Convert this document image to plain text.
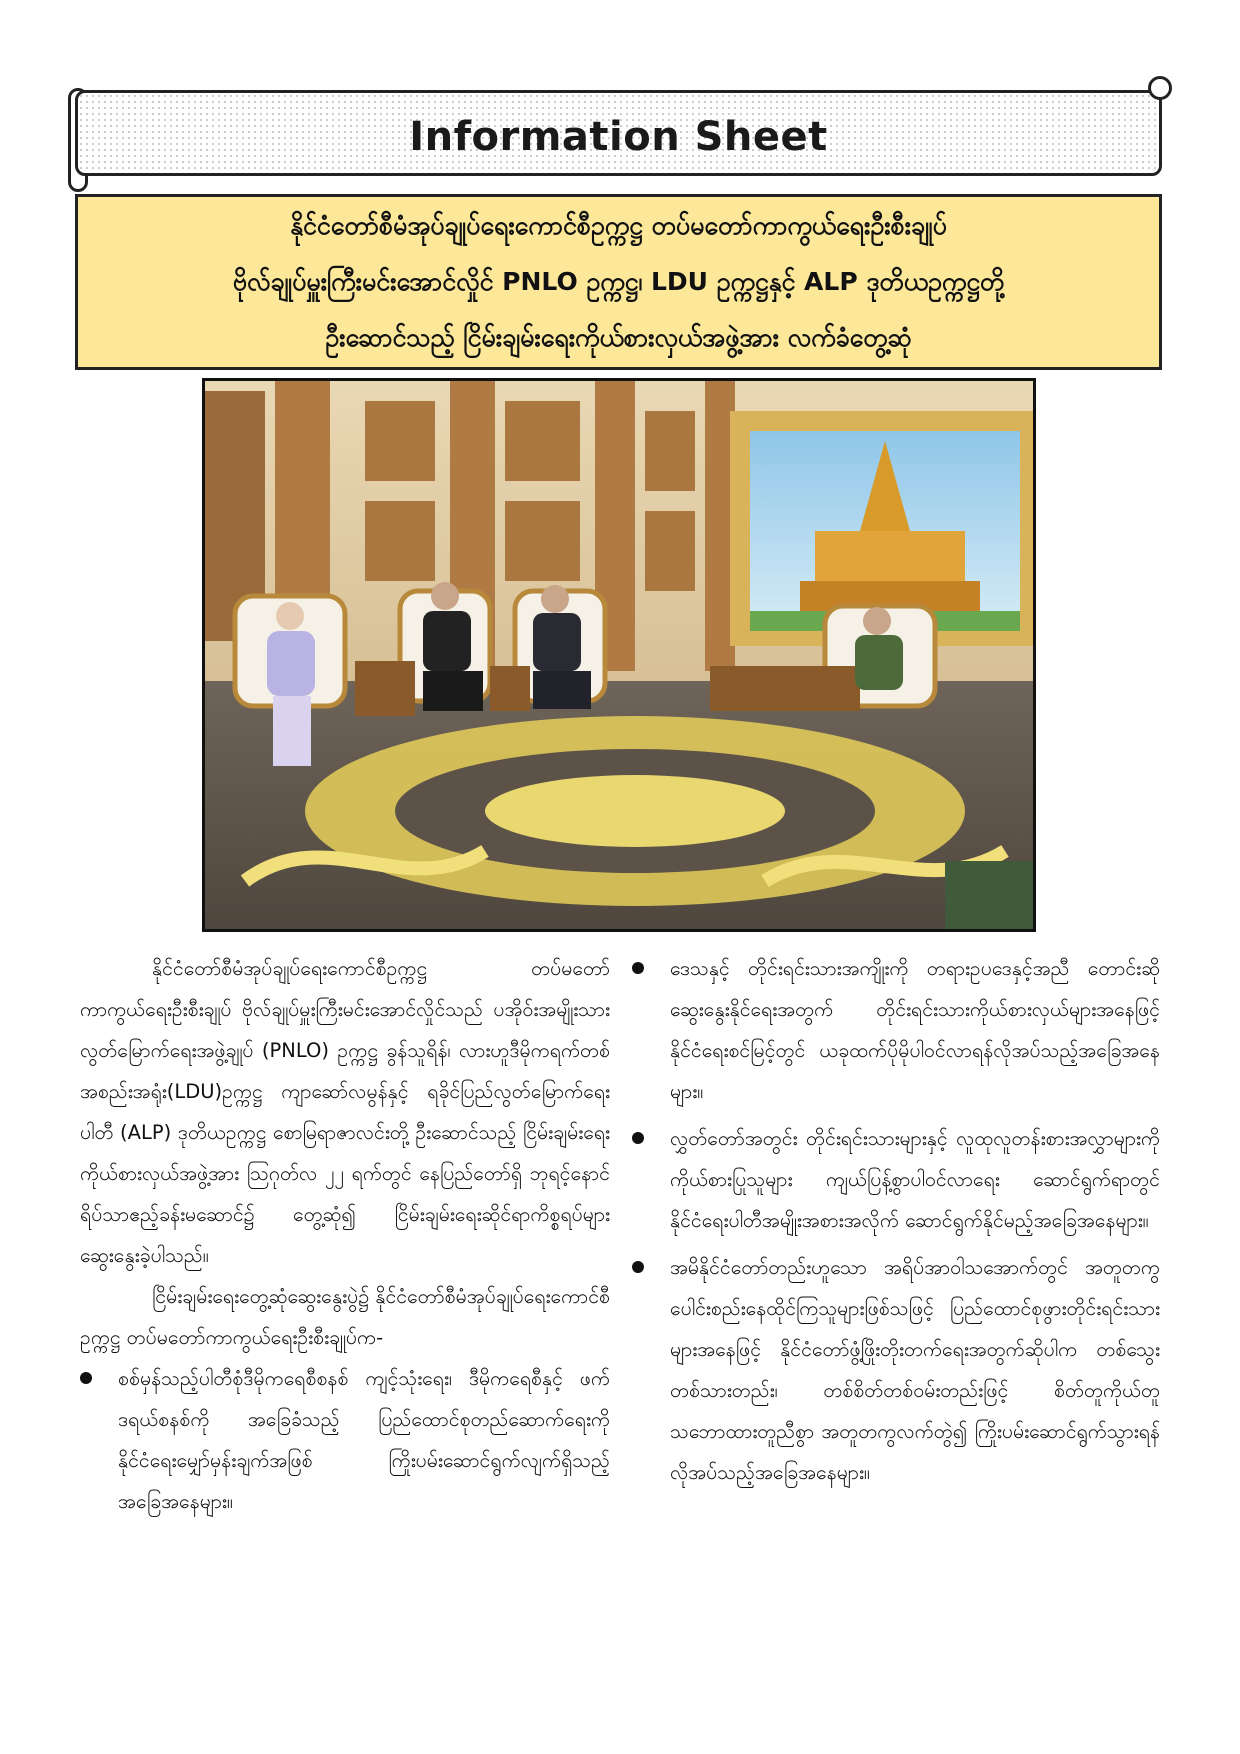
Information Sheet
နိုင်ငံတော်စီမံအုပ်ချုပ်ရေးကောင်စီဥက္ကဋ္ဌ တပ်မတော်ကာကွယ်ရေးဦးစီးချုပ်
ဗိုလ်ချုပ်မှူးကြီးမင်းအောင်လှိုင် PNLO ဥက္ကဋ္ဌ၊ LDU ဥက္ကဋ္ဌနှင့် ALP ဒုတိယဥက္ကဋ္ဌတို့
ဦးဆောင်သည့် ငြိမ်းချမ်းရေးကိုယ်စားလှယ်အဖွဲ့အား လက်ခံတွေ့ဆုံ

နိုင်ငံတော်စီမံအုပ်ချုပ်ရေးကောင်စီဥက္ကဋ္ဌ တပ်မတော်ကာကွယ်ရေးဦးစီးချုပ် ဗိုလ်ချုပ်မှူးကြီးမင်းအောင်လှိုင်သည် ပအိုဝ်းအမျိုးသားလွတ်မြောက်ရေးအဖွဲ့ချုပ် (PNLO) ဥက္ကဋ္ဌ ခွန်သူရိန်၊ လားဟူဒီမိုကရက်တစ်အစည်းအရုံး(LDU)ဥက္ကဋ္ဌ ကျာဆော်လမွန်နှင့် ရခိုင်ပြည်လွတ်မြောက်ရေးပါတီ (ALP) ဒုတိယဥက္ကဋ္ဌ စောမြရာဇာလင်းတို့ ဦးဆောင်သည့် ငြိမ်းချမ်းရေးကိုယ်စားလှယ်အဖွဲ့အား ဩဂုတ်လ ၂၂ ရက်တွင် နေပြည်တော်ရှိ ဘုရင့်နောင်ရိပ်သာဧည့်ခန်းမဆောင်၌ တွေ့ဆုံ၍ ငြိမ်းချမ်းရေးဆိုင်ရာကိစ္စရပ်များ ဆွေးနွေးခဲ့ပါသည်။

ငြိမ်းချမ်းရေးတွေ့ဆုံဆွေးနွေးပွဲ၌ နိုင်ငံတော်စီမံအုပ်ချုပ်ရေးကောင်စီဥက္ကဋ္ဌ တပ်မတော်ကာကွယ်ရေးဦးစီးချုပ်က-

စစ်မှန်သည့်ပါတီစုံဒီမိုကရေစီစနစ် ကျင့်သုံးရေး၊ ဒီမိုကရေစီနှင့် ဖက်ဒရယ်စနစ်ကို အခြေခံသည့် ပြည်ထောင်စုတည်ဆောက်ရေးကို နိုင်ငံရေးမျှော်မှန်းချက်အဖြစ် ကြိုးပမ်းဆောင်ရွက်လျက်ရှိသည့်အခြေအနေများ။
ဒေသနှင့် တိုင်းရင်းသားအကျိုးကို တရားဥပဒေနှင့်အညီ တောင်းဆိုဆွေးနွေးနိုင်ရေးအတွက် တိုင်းရင်းသားကိုယ်စားလှယ်များအနေဖြင့် နိုင်ငံရေးစင်မြင့်တွင် ယခုထက်ပိုမိုပါဝင်လာရန်လိုအပ်သည့်အခြေအနေများ။
လွှတ်တော်အတွင်း တိုင်းရင်းသားများနှင့် လူထုလူတန်းစားအလွှာများကို ကိုယ်စားပြုသူများ ကျယ်ပြန့်စွာပါဝင်လာရေး ဆောင်ရွက်ရာတွင် နိုင်ငံရေးပါတီအမျိုးအစားအလိုက် ဆောင်ရွက်နိုင်မည့်အခြေအနေများ။
အမိနိုင်ငံတော်တည်းဟူသော အရိပ်အာဝါသအောက်တွင် အတူတကွပေါင်းစည်းနေထိုင်ကြသူများဖြစ်သဖြင့် ပြည်ထောင်စုဖွားတိုင်းရင်းသားများအနေဖြင့် နိုင်ငံတော်ဖွံ့ဖြိုးတိုးတက်ရေးအတွက်ဆိုပါက တစ်သွေးတစ်သားတည်း၊ တစ်စိတ်တစ်ဝမ်းတည်းဖြင့် စိတ်တူကိုယ်တူ သဘောထားတူညီစွာ အတူတကွလက်တွဲ၍ ကြိုးပမ်းဆောင်ရွက်သွားရန် လိုအပ်သည့်အခြေအနေများ။
